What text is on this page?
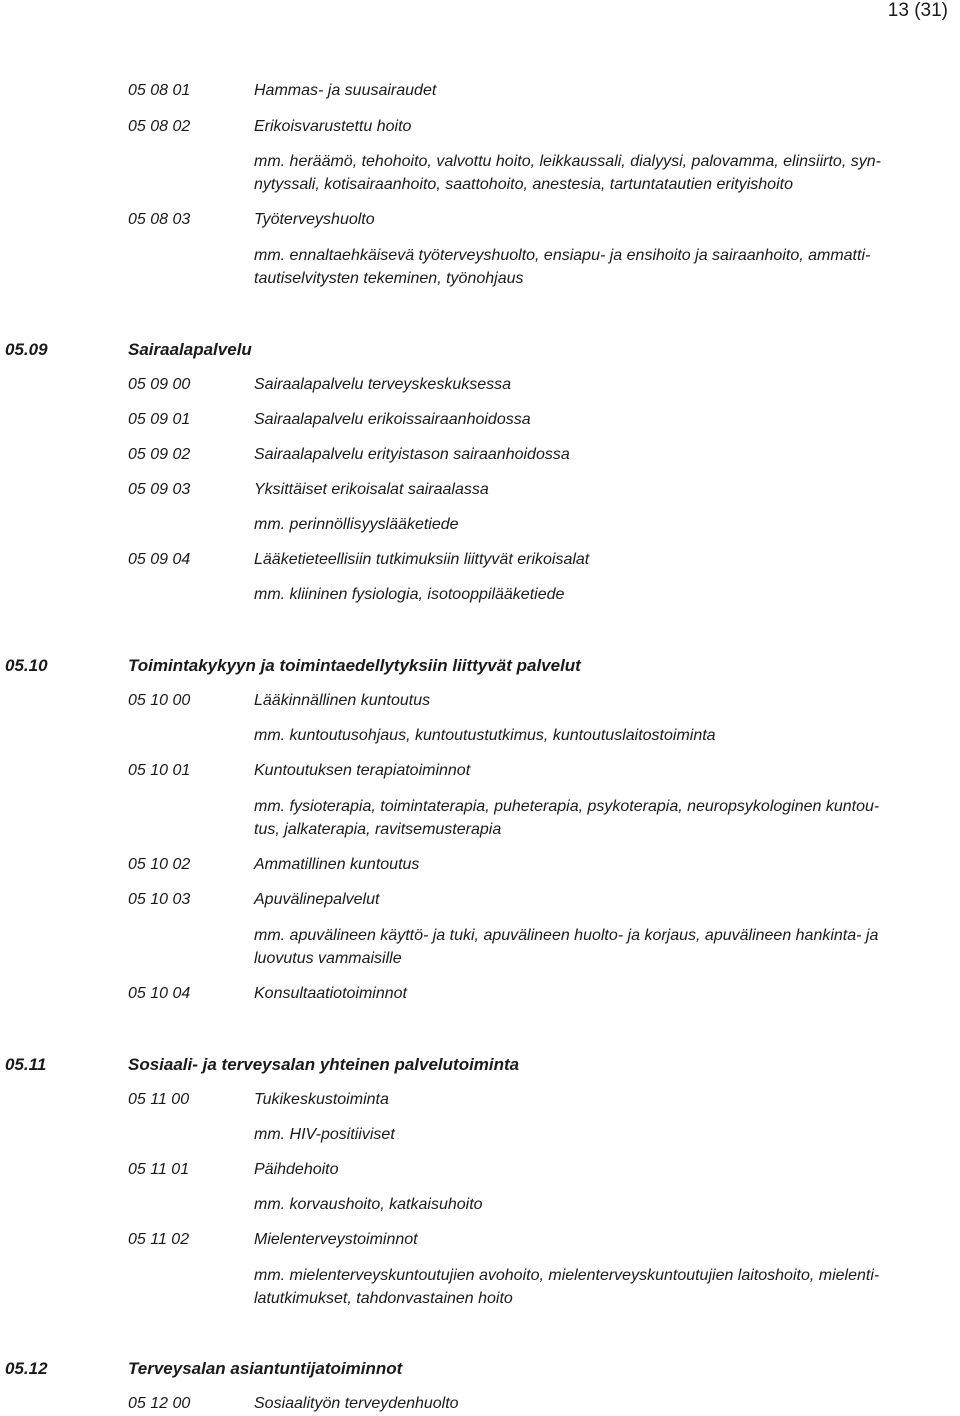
13 (31)
05 08 01	Hammas- ja suusairaudet
05 08 02	Erikoisvarustettu hoito
mm. heräämö, tehohoito, valvottu hoito, leikkaussali, dialyysi, palovamma, elinsiirto, syn-
nytyssali, kotisairaanhoito, saattohoito, anestesia, tartuntatautien erityishoito
05 08 03	Työterveyshuolto
mm. ennaltaehkäisevä työterveyshuolto, ensiapu- ja ensihoito ja sairaanhoito, ammatti-
tautiselvitysten tekeminen, työnohjaus
05.09	Sairaalapalvelu
05 09 00	Sairaalapalvelu terveyskeskuksessa
05 09 01	Sairaalapalvelu erikoissairaanhoidossa
05 09 02	Sairaalapalvelu erityistason sairaanhoidossa
05 09 03	Yksittäiset erikoisalat sairaalassa
mm. perinnöllisyyslääketiede
05 09 04	Lääketieteellisiin tutkimuksiin liittyvät erikoisalat
mm. kliininen fysiologia, isotooppilääketiede
05.10	Toimintakykyyn ja toimintaedellytyksiin liittyvät palvelut
05 10 00	Lääkinnällinen kuntoutus
mm. kuntoutusohjaus, kuntoutustutkimus, kuntoutuslaitostoiminta
05 10 01	Kuntoutuksen terapiatoiminnot
mm. fysioterapia, toimintaterapia, puheterapia, psykoterapia, neuropsykologinen kuntou-
tus, jalkaterapia, ravitsemusterapia
05 10 02	Ammatillinen kuntoutus
05 10 03	Apuvälinepalvelut
mm. apuvälineen käyttö- ja tuki, apuvälineen huolto- ja korjaus, apuvälineen hankinta- ja
luovutus vammaisille
05 10 04	Konsultaatiotoiminnot
05.11	Sosiaali- ja terveysalan yhteinen palvelutoiminta
05 11 00	Tukikeskustoiminta
mm. HIV-positiiviset
05 11 01	Päihdehoito
mm. korvaushoito, katkaisuhoito
05 11 02	Mielenterveystoiminnot
mm. mielenterveyskuntoutujien avohoito, mielenterveyskuntoutujien laitoshoito, mielenti-
latutkimukset, tahdonvastainen hoito
05.12	Terveysalan asiantuntijatoiminnot
05 12 00	Sosiaalityön terveydenhuolto
